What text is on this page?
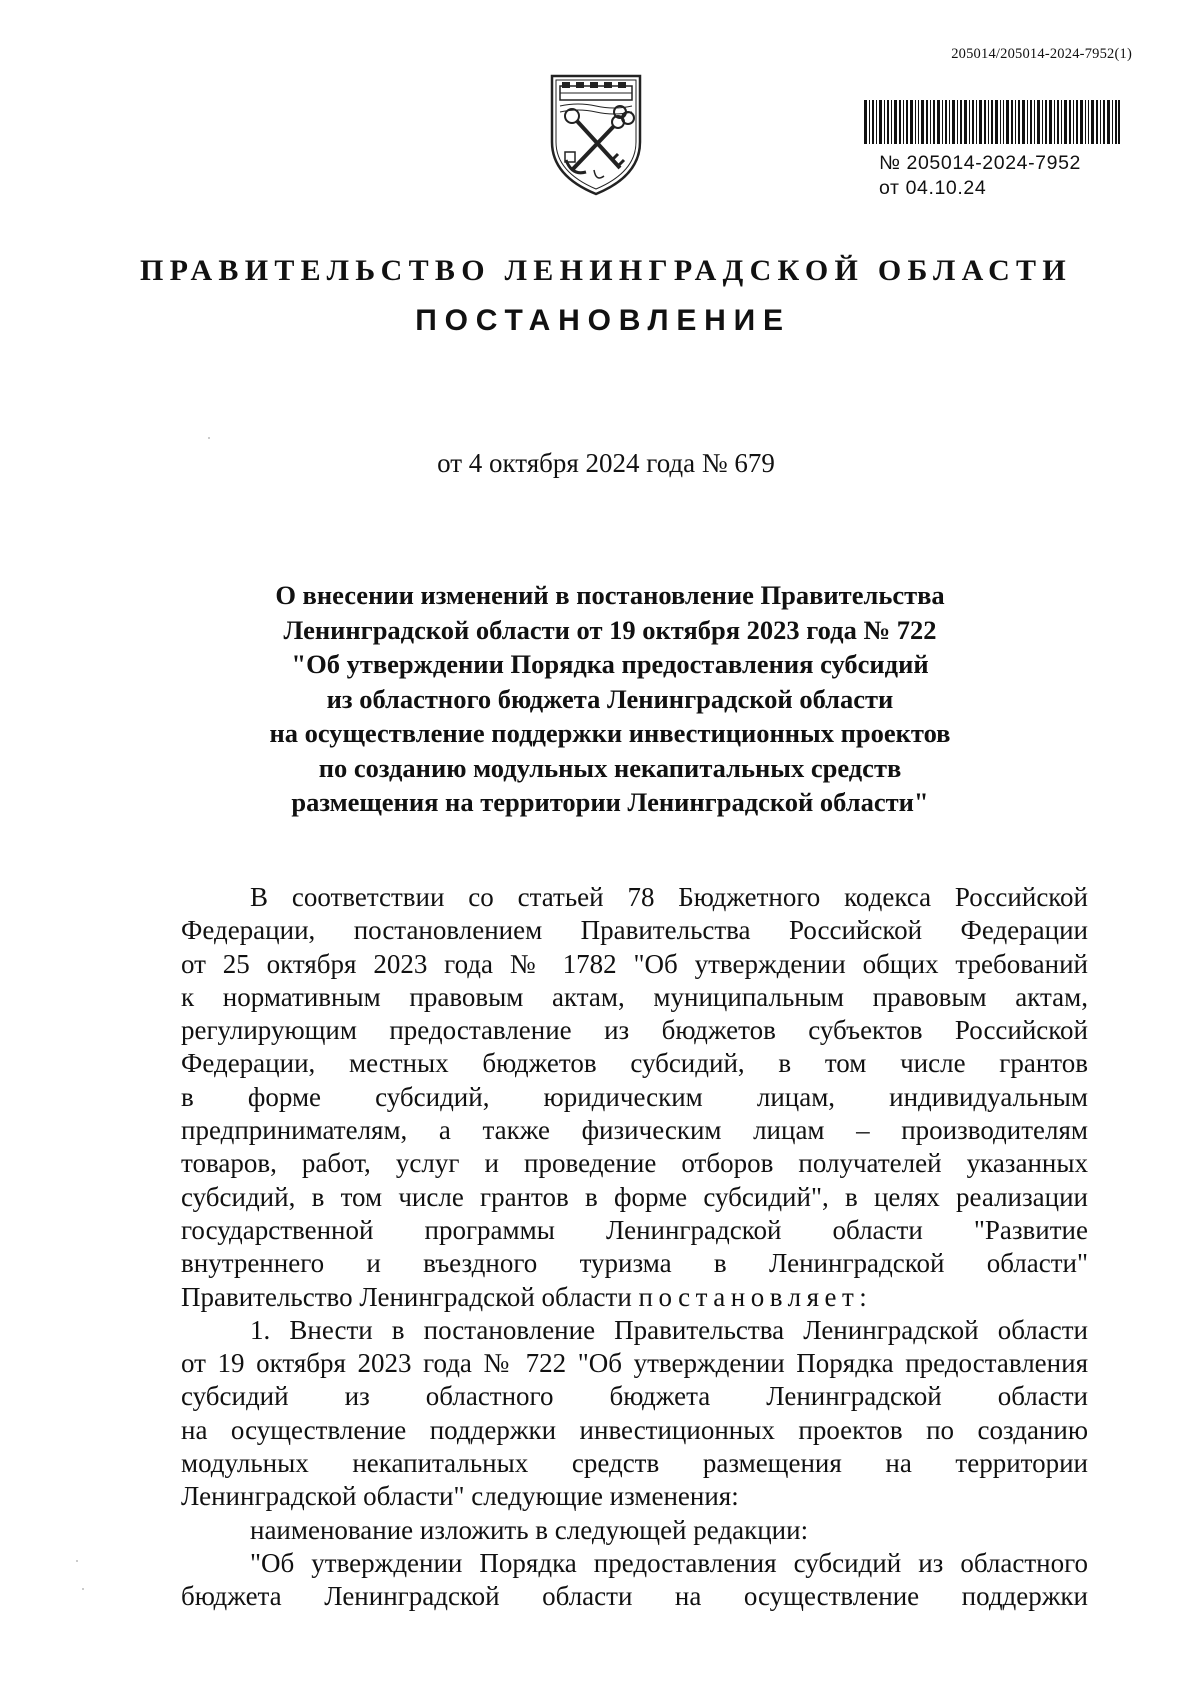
205014/205014-2024-7952(1)
№ 205014-2024-7952
от 04.10.24
ПРАВИТЕЛЬСТВО ЛЕНИНГРАДСКОЙ ОБЛАСТИ
ПОСТАНОВЛЕНИЕ
от 4 октября 2024 года № 679
О внесении изменений в постановление Правительства
Ленинградской области от 19 октября 2023 года № 722
"Об утверждении Порядка предоставления субсидий
из областного бюджета Ленинградской области
на осуществление поддержки инвестиционных проектов
по созданию модульных некапитальных средств
размещения на территории Ленинградской области"
В соответствии со статьей 78 Бюджетного кодекса Российской
Федерации, постановлением Правительства Российской Федерации
от 25 октября 2023 года № 1782 "Об утверждении общих требований
к нормативным правовым актам, муниципальным правовым актам,
регулирующим предоставление из бюджетов субъектов Российской
Федерации, местных бюджетов субсидий, в том числе грантов
в форме субсидий, юридическим лицам, индивидуальным
предпринимателям, а также физическим лицам – производителям
товаров, работ, услуг и проведение отборов получателей указанных
субсидий, в том числе грантов в форме субсидий", в целях реализации
государственной программы Ленинградской области "Развитие
внутреннего и въездного туризма в Ленинградской области"
Правительство Ленинградской области постановляет:
1. Внести в постановление Правительства Ленинградской области
от 19 октября 2023 года № 722 "Об утверждении Порядка предоставления
субсидий из областного бюджета Ленинградской области
на осуществление поддержки инвестиционных проектов по созданию
модульных некапитальных средств размещения на территории
Ленинградской области" следующие изменения:
наименование изложить в следующей редакции:
"Об утверждении Порядка предоставления субсидий из областного
бюджета Ленинградской области на осуществление поддержки
